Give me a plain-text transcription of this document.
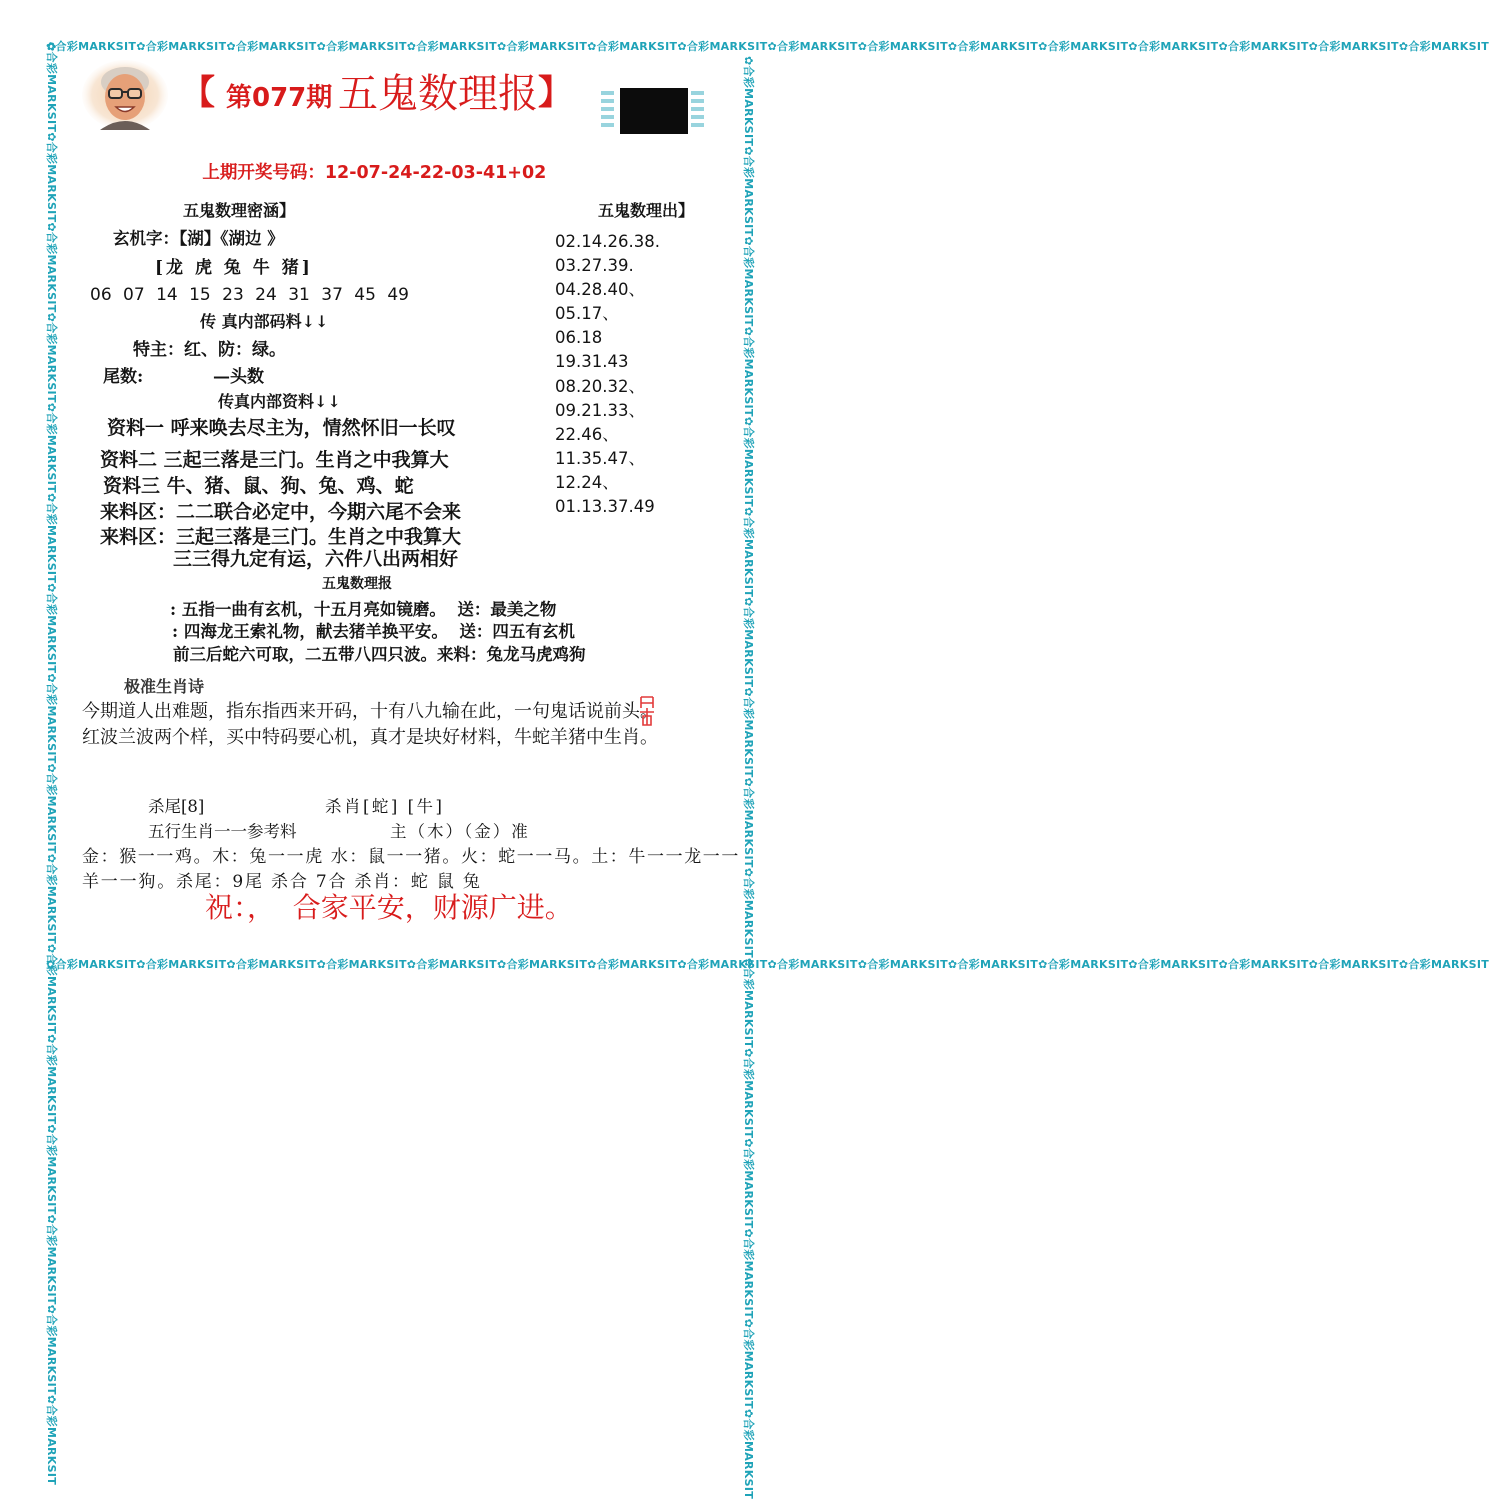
✿合彩MARKSIT✿合彩MARKSIT✿合彩MARKSIT✿合彩MARKSIT✿合彩MARKSIT✿合彩MARKSIT✿合彩MARKSIT✿合彩MARKSIT✿合彩MARKSIT✿合彩MARKSIT✿合彩MARKSIT✿合彩MARKSIT✿合彩MARKSIT✿合彩MARKSIT✿合彩MARKSIT✿合彩MARKSIT
✿合彩MARKSIT✿合彩MARKSIT✿合彩MARKSIT✿合彩MARKSIT✿合彩MARKSIT✿合彩MARKSIT✿合彩MARKSIT✿合彩MARKSIT✿合彩MARKSIT✿合彩MARKSIT✿合彩MARKSIT✿合彩MARKSIT✿合彩MARKSIT✿合彩MARKSIT✿合彩MARKSIT✿合彩MARKSIT
✿合彩MARKSIT✿合彩MARKSIT✿合彩MARKSIT✿合彩MARKSIT✿合彩MARKSIT✿合彩MARKSIT✿合彩MARKSIT✿合彩MARKSIT✿合彩MARKSIT✿合彩MARKSIT✿合彩MARKSIT✿合彩MARKSIT✿合彩MARKSIT✿合彩MARKSIT✿合彩MARKSIT✿合彩MARKSIT	✿合彩MARKSIT✿合彩MARKSIT✿合彩MARKSIT✿合彩MARKSIT✿合彩MARKSIT✿合彩MARKSIT✿合彩MARKSIT✿合彩MARKSIT✿合彩MARKSIT✿合彩MARKSIT✿合彩MARKSIT✿合彩MARKSIT✿合彩MARKSIT✿合彩MARKSIT✿合彩MARKSIT✿合彩MARKSIT
【 第077期 五鬼数理报 】

上期开奖号码：12-07-24-22-03-41+02

五鬼数理密涵】
玄机字：【湖】《湖边 》
[龙 虎 兔 牛 猪]
06 07 14 15 23 24 31 37 45 49
传 真内部码料↓↓
特主：红、防：绿。
尾数:	—头数
传真内部资料↓↓
资料一 呼来唤去尽主为，情然怀旧一长叹
资料二 三起三落是三门。生肖之中我算大
资料三 牛、猪、鼠、狗、兔、鸡、蛇
来料区：二二联合必定中，今期六尾不会来
来料区：三起三落是三门。生肖之中我算大
三三得九定有运，六件八出两相好
五鬼数理出】
02.14.26.38.
03.27.39.
04.28.40、
05.17、
06.18
19.31.43
08.20.32、
09.21.33、
22.46、
11.35.47、
12.24、
01.13.37.49
五鬼数理报
: 五指一曲有玄机，十五月亮如镜磨。  送：最美之物
: 四海龙王索礼物，献去猪羊换平安。  送：四五有玄机
前三后蛇六可取，二五带八四只波。来料：兔龙马虎鸡狗
极准生肖诗
今期道人出难题，指东指西来开码，十有八九输在此，一句鬼话说前头。
红波兰波两个样，买中特码要心机，真才是块好材料，牛蛇羊猪中生肖。
杀尾[8]	杀肖[蛇] [牛]
五行生肖一一参考料	主（木）（金）准
金：猴一一鸡。木：兔一一虎 水：鼠一一猪。火：蛇一一马。土：牛一一龙一一
羊一一狗。杀尾：9尾 杀合 7合 杀肖：蛇 鼠 兔
祝：，  合家平安，财源广进。
